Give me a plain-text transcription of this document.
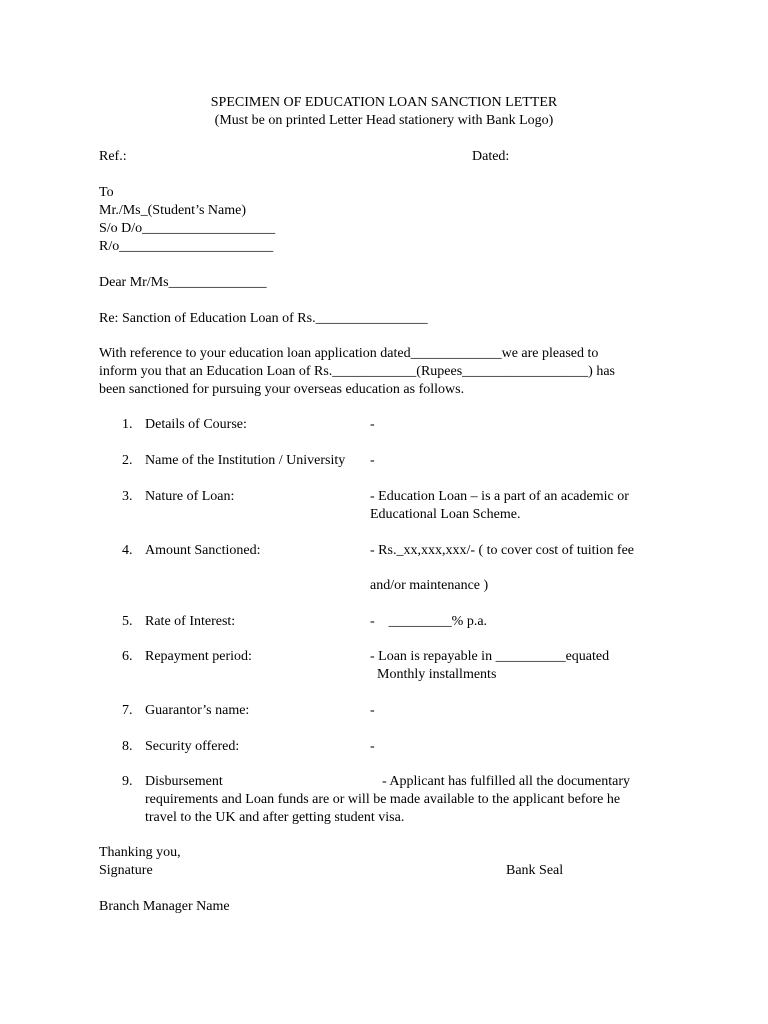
SPECIMEN OF EDUCATION LOAN SANCTION LETTER
(Must be on printed Letter Head stationery with Bank Logo)
Ref.:	Dated:
To
Mr./Ms_(Student’s Name)
S/o D/o___________________
R/o______________________
Dear Mr/Ms______________
Re: Sanction of Education Loan of Rs.________________
With reference to your education loan application dated_____________we are pleased to
inform you that an Education Loan of Rs.____________(Rupees__________________) has
been sanctioned for pursuing your overseas education as follows.
1. Details of Course:	-
2. Name of the Institution / University -
3. Nature of Loan:	- Education Loan – is a part of an academic or
Educational Loan Scheme.
4. Amount Sanctioned:	- Rs._xx,xxx,xxx/- ( to cover cost of tuition fee
and/or maintenance )
5. Rate of Interest:	-    _________% p.a.
6. Repayment period:	- Loan is repayable in __________equated
Monthly installments
7. Guarantor’s name:	-
8. Security offered:	-
9. Disbursement	- Applicant has fulfilled all the documentary
requirements and Loan funds are or will be made available to the applicant before he
travel to the UK and after getting student visa.
Thanking you,
Signature	Bank Seal
Branch Manager Name
